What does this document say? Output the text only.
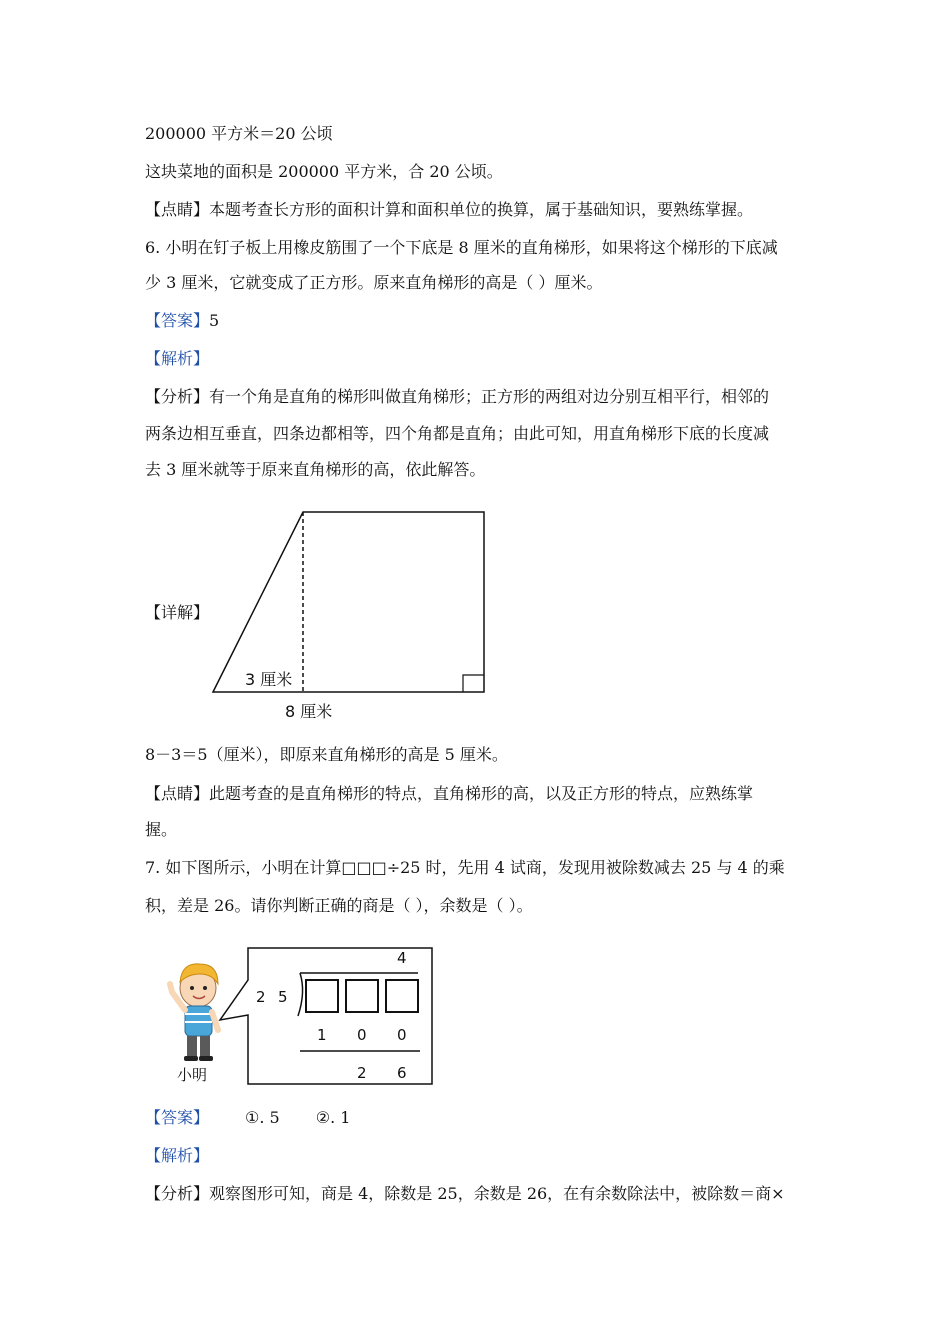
200000 平方米＝20 公顷
这块菜地的面积是 200000 平方米，合 20 公顷。
【点睛】本题考查长方形的面积计算和面积单位的换算，属于基础知识，要熟练掌握。
6. 小明在钉子板上用橡皮筋围了一个下底是 8 厘米的直角梯形，如果将这个梯形的下底减
少 3 厘米，它就变成了正方形。原来直角梯形的高是（ ）厘米。
【答案】5
【解析】
【分析】有一个角是直角的梯形叫做直角梯形；正方形的两组对边分别互相平行，相邻的
两条边相互垂直，四条边都相等，四个角都是直角；由此可知，用直角梯形下底的长度减
去 3 厘米就等于原来直角梯形的高，依此解答。
【详解】
3 厘米
8 厘米
8－3＝5（厘米），即原来直角梯形的高是 5 厘米。
【点睛】此题考查的是直角梯形的特点，直角梯形的高，以及正方形的特点，应熟练掌
握。
7. 如下图所示，小明在计算□□□÷25 时，先用 4 试商，发现用被除数减去 25 与 4 的乘
积，差是 26。请你判断正确的商是（ ），余数是（ ）。
小明
4
2 5
1 0 0
2 6
【答案】 ①. 5 ②. 1
【解析】
【分析】观察图形可知，商是 4，除数是 25，余数是 26，在有余数除法中，被除数＝商×
